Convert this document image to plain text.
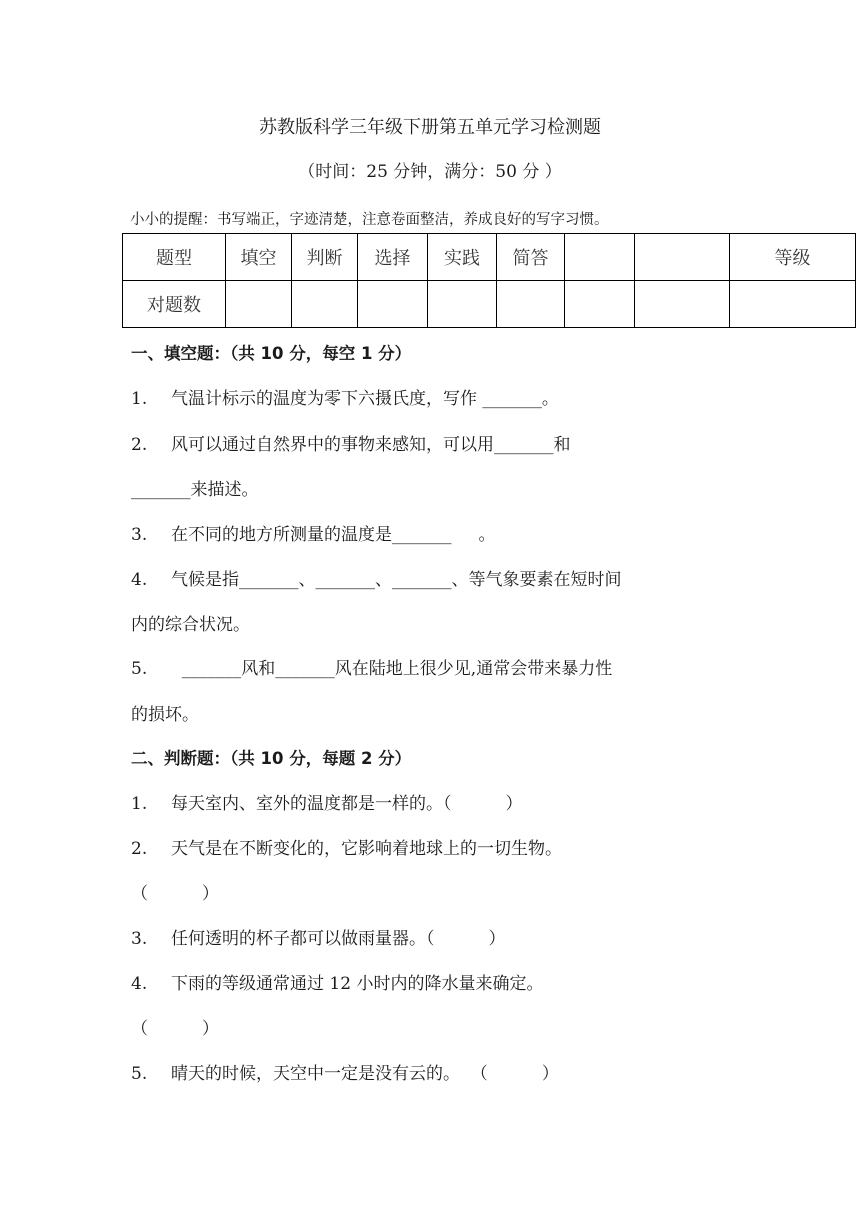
苏教版科学三年级下册第五单元学习检测题
（时间：25 分钟，满分：50 分 ）
小小的提醒：书写端正，字迹清楚，注意卷面整洁，养成良好的写字习惯。
题型	填空	判断	选择	实践	简答			等级
对题数								
一、填空题：（共 10 分，每空 1 分）
1. 气温计标示的温度为零下六摄氏度，写作 _______。
2. 风可以通过自然界中的事物来感知，可以用_______和
_______来描述。
3. 在不同的地方所测量的温度是_______     。
4. 气候是指_______、_______、_______、等气象要素在短时间
内的综合状况。
5.  _______风和_______风在陆地上很少见,通常会带来暴力性
的损坏。
二、判断题：（共 10 分，每题 2 分）
1. 每天室内、室外的温度都是一样的。（          ）
2. 天气是在不断变化的，它影响着地球上的一切生物。
（          ）
3. 任何透明的杯子都可以做雨量器。（          ）
4. 下雨的等级通常通过 12 小时内的降水量来确定。
（          ）
5. 晴天的时候，天空中一定是没有云的。  （          ）
